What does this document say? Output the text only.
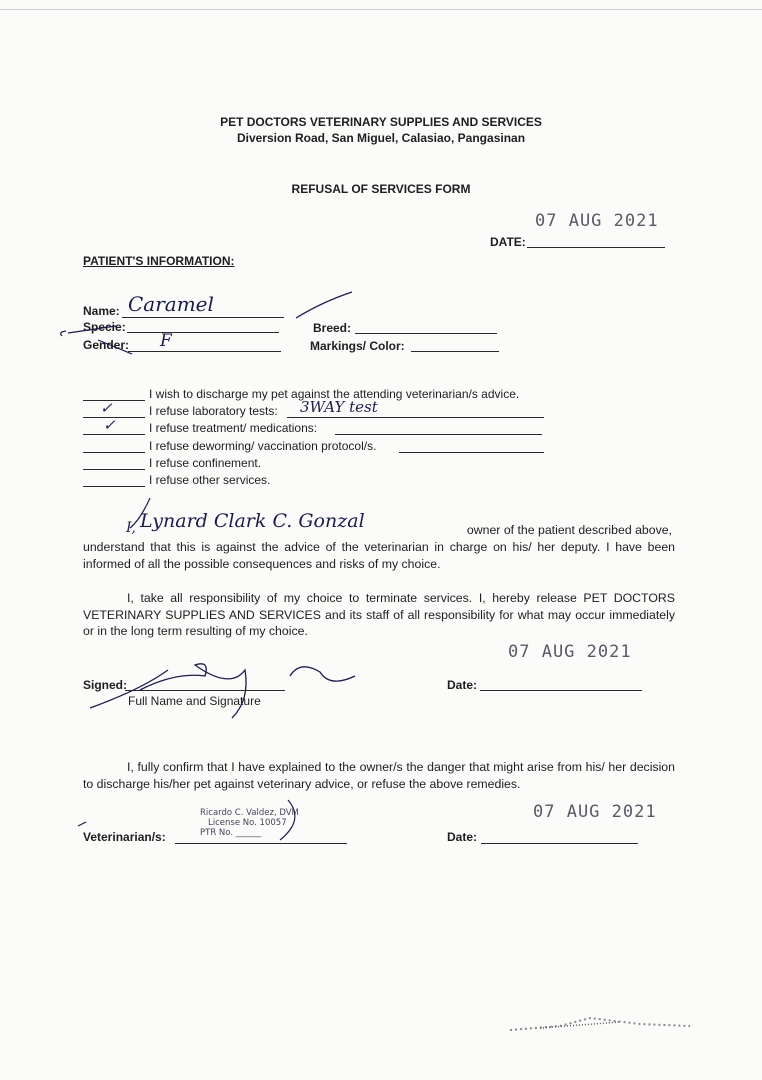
PET DOCTORS VETERINARY SUPPLIES AND SERVICES
Diversion Road, San Miguel, Calasiao, Pangasinan
REFUSAL OF SERVICES FORM
07 AUG 2021
DATE:
PATIENT'S INFORMATION:
Name: Caramel
Specie:
Gender: F
Breed:
Markings/ Color:
I wish to discharge my pet against the attending veterinarian/s advice.
✓	I refuse laboratory tests: 3WAY test
✓	I refuse treatment/ medications:
I refuse deworming/ vaccination protocol/s.
I refuse confinement.
I refuse other services.
I, Lynard Clark C. Gonzal	owner of the patient described above,
understand that this is against the advice of the veterinarian in charge on his/ her deputy. I have been informed of all the possible consequences and risks of my choice.
I, take all responsibility of my choice to terminate services. I, hereby release PET DOCTORS VETERINARY SUPPLIES AND SERVICES and its staff of all responsibility for what may occur immediately or in the long term resulting of my choice.
07 AUG 2021
Signed:
Full Name and Signature
Date:
I, fully confirm that I have explained to the owner/s the danger that might arise from his/ her decision to discharge his/her pet against veterinary advice, or refuse the above remedies.
Veterinarian/s:
Ricardo C. Valdez, DVM
License No. 10057
PTR No. ______
07 AUG 2021
Date:
